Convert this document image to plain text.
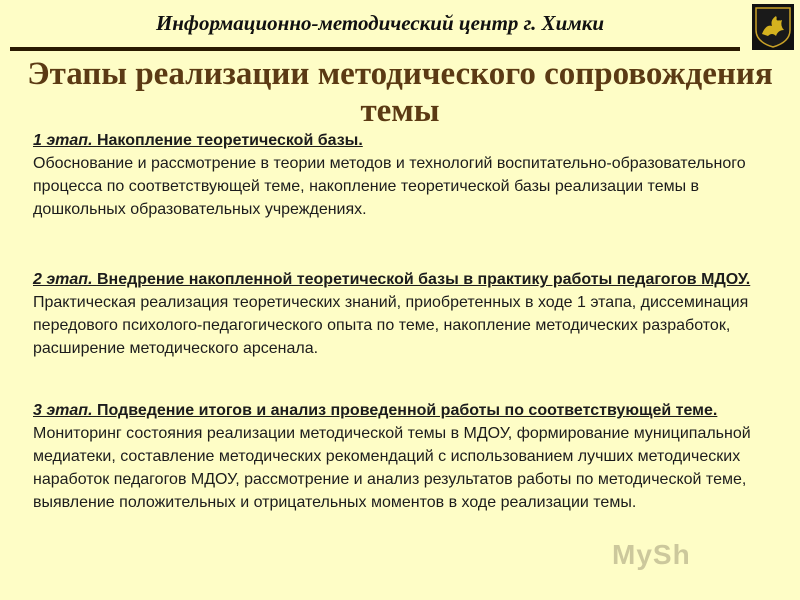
Информационно-методический центр г. Химки
Этапы реализации методического сопровождения темы
1 этап. Накопление теоретической базы.
Обоснование и рассмотрение в теории методов и технологий воспитательно-образовательного процесса по соответствующей теме, накопление теоретической базы реализации темы в дошкольных образовательных учреждениях.
2 этап. Внедрение накопленной теоретической базы в практику работы педагогов МДОУ.
Практическая реализация теоретических знаний, приобретенных в ходе 1 этапа, диссеминация передового психолого-педагогического опыта по теме, накопление методических разработок, расширение методического арсенала.
3 этап. Подведение итогов и анализ проведенной работы по соответствующей теме.
Мониторинг состояния реализации методической темы в МДОУ, формирование муниципальной медиатеки, составление методических рекомендаций с использованием лучших методических наработок педагогов МДОУ, рассмотрение и анализ результатов работы по методической теме, выявление положительных и отрицательных моментов в ходе реализации темы.
MySh
